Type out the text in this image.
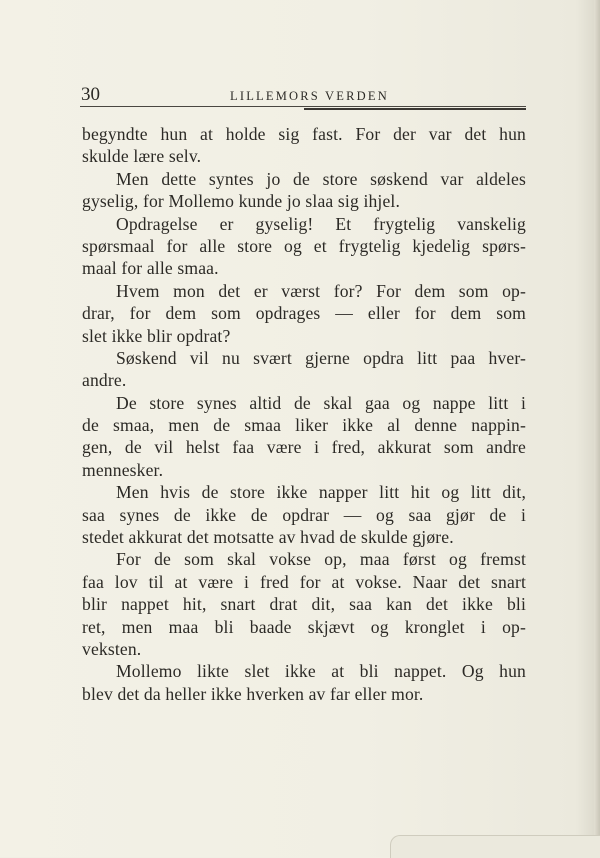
30	LILLEMORS VERDEN
begyndte hun at holde sig fast. For der var det hun
skulde lære selv.
Men dette syntes jo de store søskend var aldeles
gyselig, for Mollemo kunde jo slaa sig ihjel.
Opdragelse er gyselig! Et frygtelig vanskelig
spørsmaal for alle store og et frygtelig kjedelig spørs-
maal for alle smaa.
Hvem mon det er værst for? For dem som op-
drar, for dem som opdrages — eller for dem som
slet ikke blir opdrat?
Søskend vil nu svært gjerne opdra litt paa hver-
andre.
De store synes altid de skal gaa og nappe litt i
de smaa, men de smaa liker ikke al denne nappin-
gen, de vil helst faa være i fred, akkurat som andre
mennesker.
Men hvis de store ikke napper litt hit og litt dit,
saa synes de ikke de opdrar — og saa gjør de i
stedet akkurat det motsatte av hvad de skulde gjøre.
For de som skal vokse op, maa først og fremst
faa lov til at være i fred for at vokse. Naar det snart
blir nappet hit, snart drat dit, saa kan det ikke bli
ret, men maa bli baade skjævt og kronglet i op-
veksten.
Mollemo likte slet ikke at bli nappet. Og hun
blev det da heller ikke hverken av far eller mor.
